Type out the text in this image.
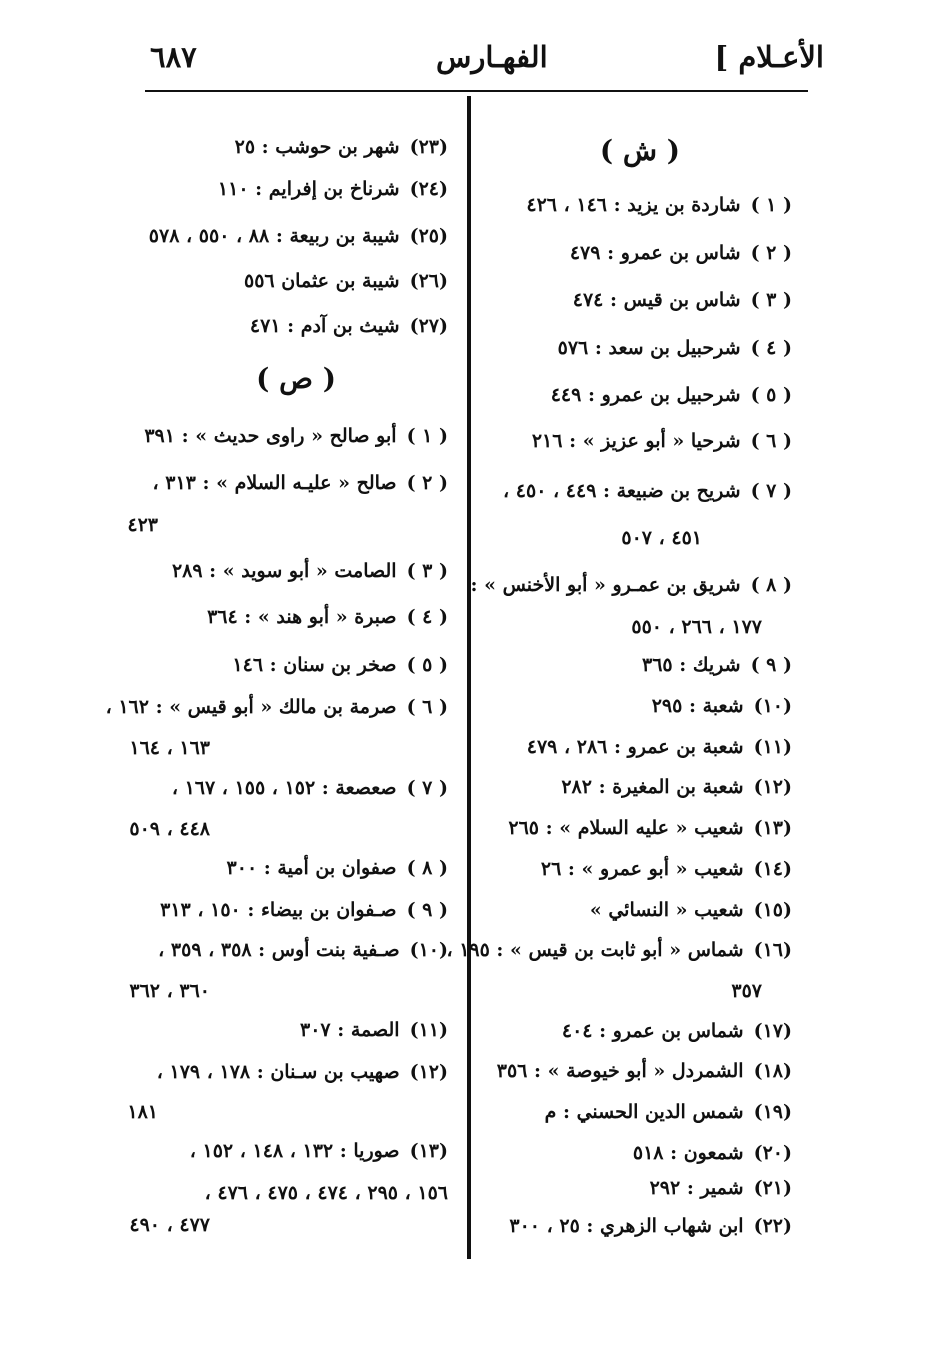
الأعـلام ]
الفهـارس
٦٨٧
( ش )
( ١ )شاردة بن يزيد : ١٤٦ ، ٤٢٦
( ٢ )شاس بن عمرو : ٤٧٩
( ٣ )شاس بن قيس : ٤٧٤
( ٤ )شرحبيل بن سعد : ٥٧٦
( ٥ )شرحبيل بن عمرو : ٤٤٩
( ٦ )شرحيا « أبو عزيز » : ٢١٦
( ٧ )شريح بن ضبيعة : ٤٤٩ ، ٤٥٠ ،
٤٥١ ، ٥٠٧
( ٨ )شريق بن عمـرو « أبو الأخنس » :
١٧٧ ، ٢٦٦ ، ٥٥٠
( ٩ )شريك : ٣٦٥
(١٠)شعبة : ٢٩٥
(١١)شعبة بن عمرو : ٢٨٦ ، ٤٧٩
(١٢)شعبة بن المغيرة : ٢٨٢
(١٣)شعيب « عليه السلام » : ٢٦٥
(١٤)شعيب « أبو عمرو » : ٢٦
(١٥)شعيب « النسائي »
(١٦)شماس « أبو ثابت بن قيس » : ١٩٥ ،
٣٥٧
(١٧)شماس بن عمرو : ٤٠٤
(١٨)الشمردل « أبو خيوصة » : ٣٥٦
(١٩)شمس الدين الحسني : م
(٢٠)شمعون : ٥١٨
(٢١)شمير : ٢٩٢
(٢٢)ابن شهاب الزهري : ٢٥ ، ٣٠٠
(٢٣)شهر بن حوشب : ٢٥
(٢٤)شرناخ بن إفرايم : ١١٠
(٢٥)شيبة بن ربيعة : ٨٨ ، ٥٥٠ ، ٥٧٨
(٢٦)شيبة بن عثمان ٥٥٦
(٢٧)شيث بن آدم : ٤٧١
( ص )
( ١ )أبو صالح « راوى حديث » : ٣٩١
( ٢ )صالح « عليـه السلام » : ٣١٣ ،
٤٢٣
( ٣ )الصامت « أبو سويد » : ٢٨٩
( ٤ )صبرة « أبو هند » : ٣٦٤
( ٥ )صخر بن سنان : ١٤٦
( ٦ )صرمة بن مالك « أبو قيس » : ١٦٢ ،
١٦٣ ، ١٦٤
( ٧ )صعصعة : ١٥٢ ، ١٥٥ ، ١٦٧ ،
٤٤٨ ، ٥٠٩
( ٨ )صفوان بن أمية : ٣٠٠
( ٩ )صـفوان بن بيضاء : ١٥٠ ، ٣١٣
(١٠)صـفية بنت أوس : ٣٥٨ ، ٣٥٩ ،
٣٦٠ ، ٣٦٢
(١١)الصمة : ٣٠٧
(١٢)صهيب بن سـنان : ١٧٨ ، ١٧٩ ،
١٨١
(١٣)صوريا : ١٣٢ ، ١٤٨ ، ١٥٢ ،
١٥٦ ، ٢٩٥ ، ٤٧٤ ، ٤٧٥ ، ٤٧٦ ،
٤٧٧ ، ٤٩٠
